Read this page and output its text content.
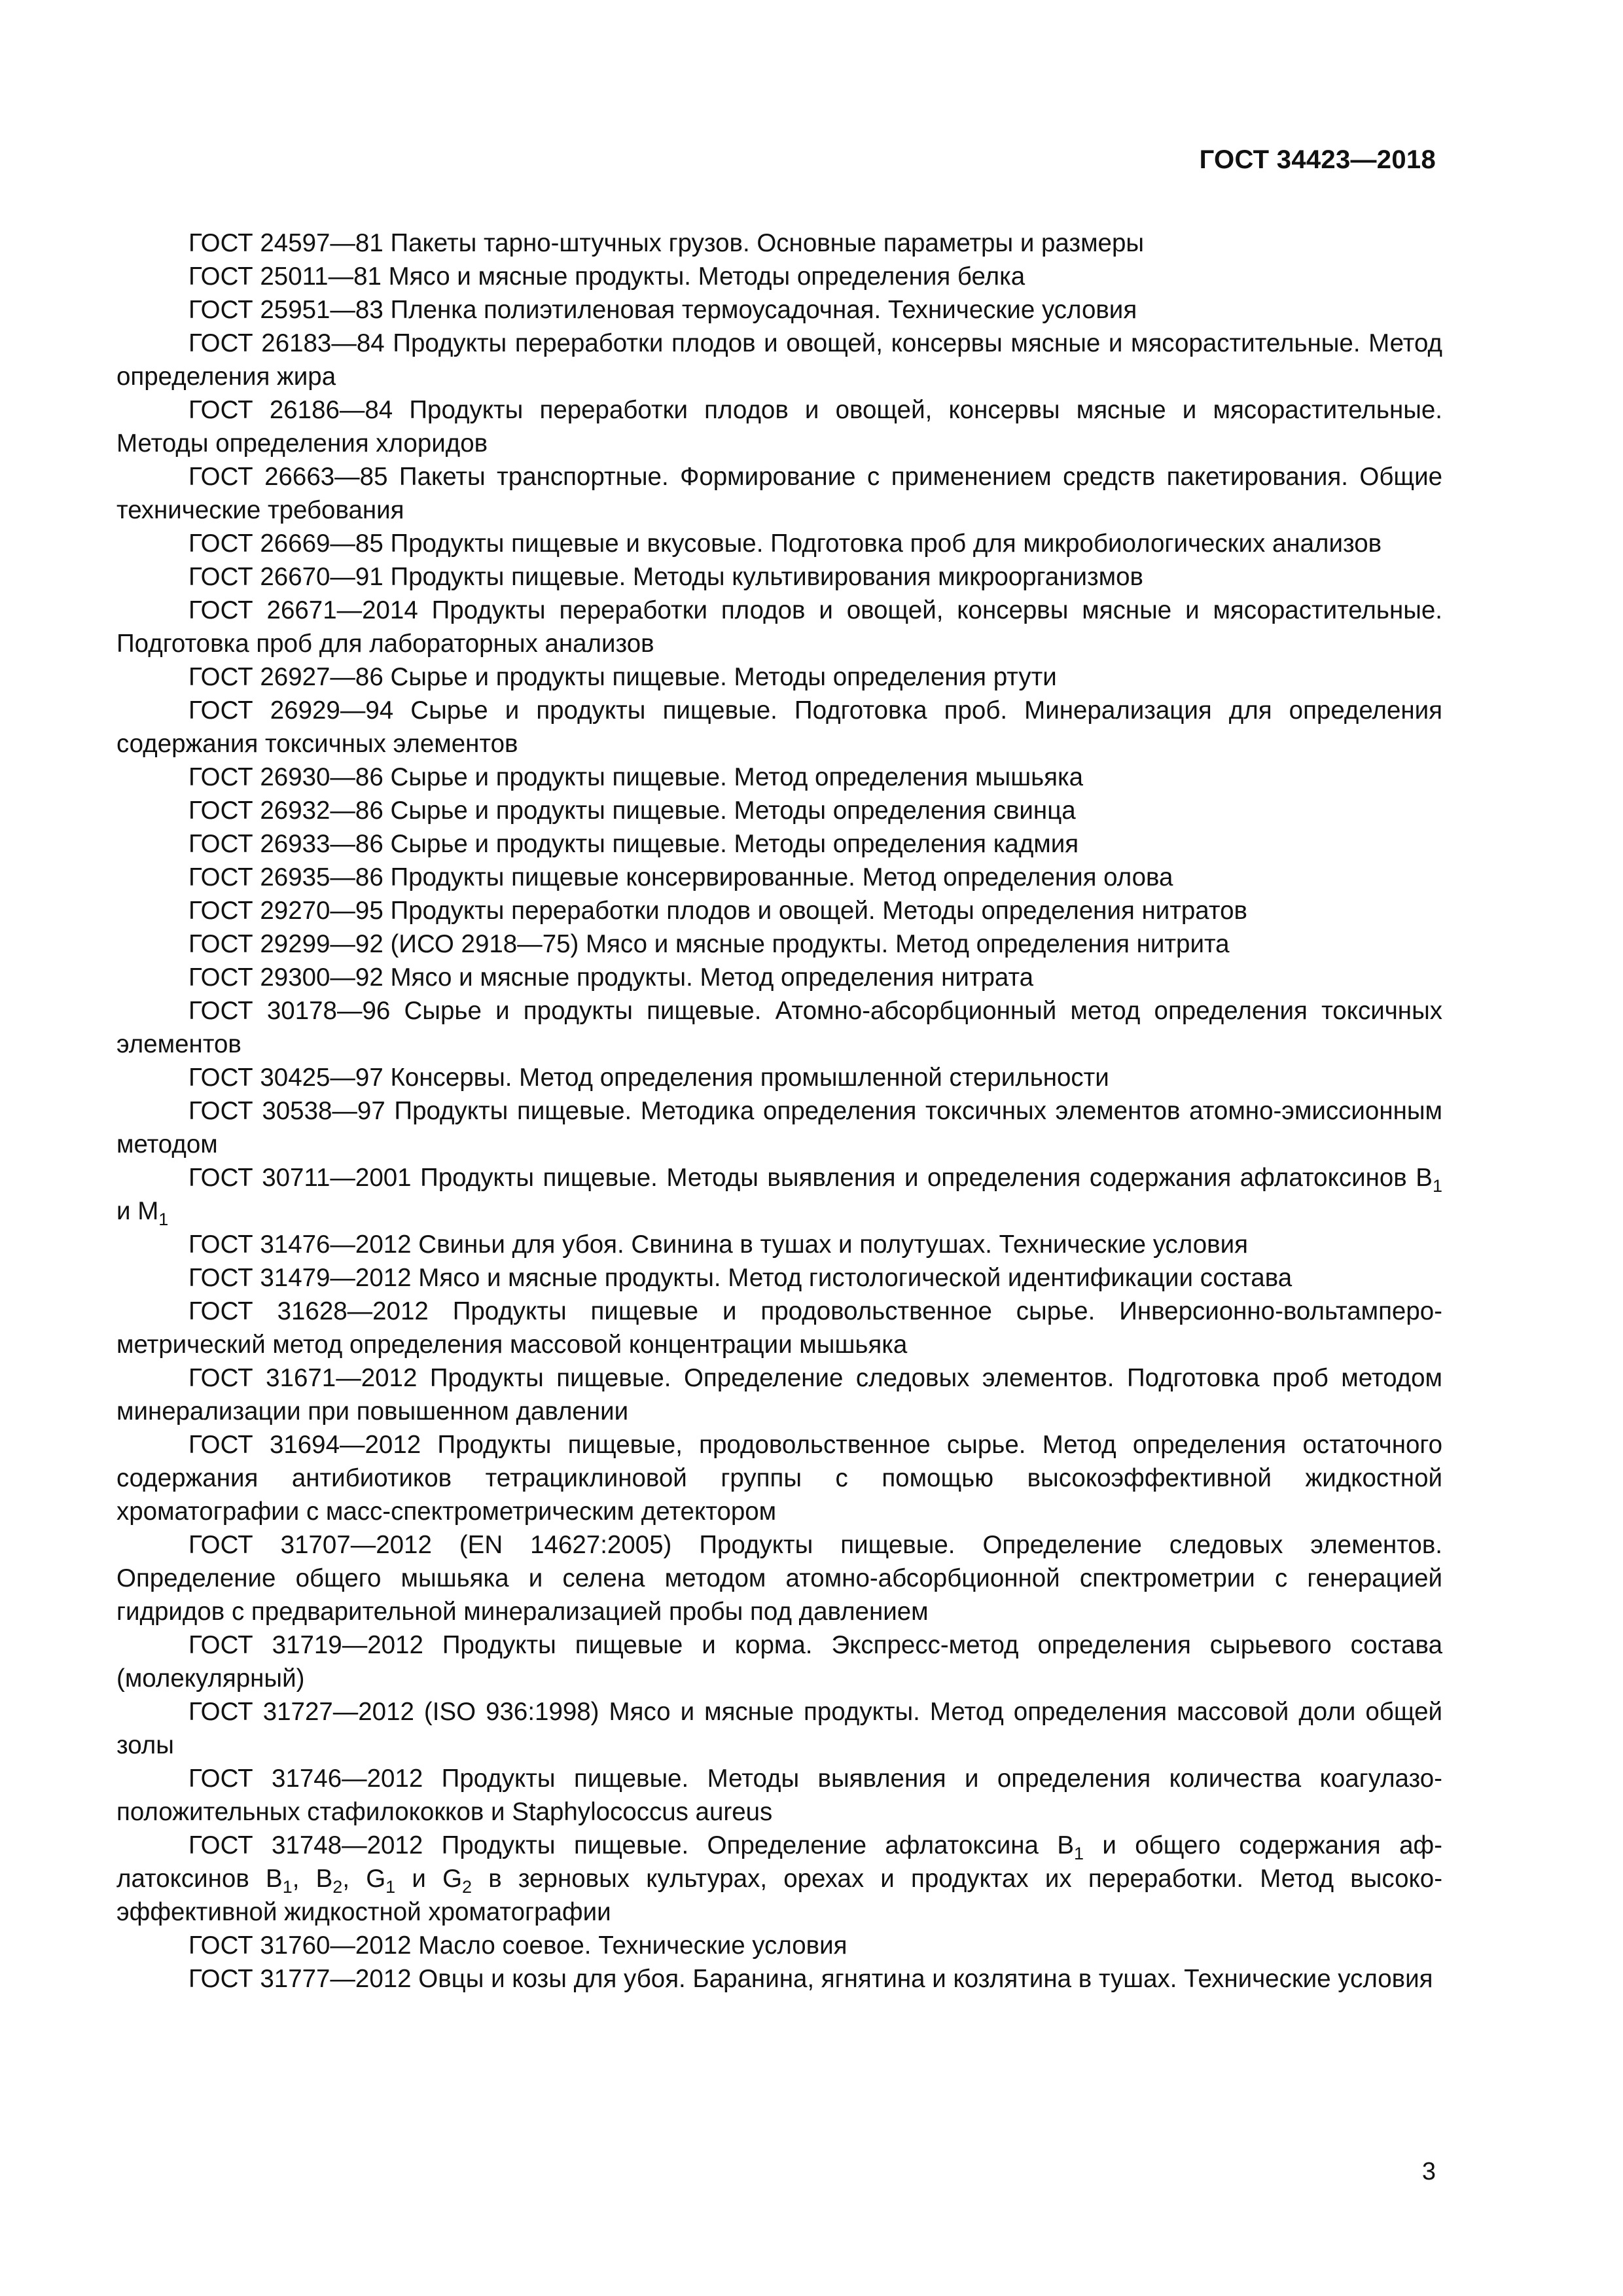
ГОСТ 34423—2018
ГОСТ 24597—81 Пакеты тарно-штучных грузов. Основные параметры и размеры
ГОСТ 25011—81 Мясо и мясные продукты. Методы определения белка
ГОСТ 25951—83 Пленка полиэтиленовая термоусадочная. Технические условия
ГОСТ 26183—84 Продукты переработки плодов и овощей, консервы мясные и мясорастительные. Метод определения жира
ГОСТ 26186—84 Продукты переработки плодов и овощей, консервы мясные и мясорастительные. Методы определения хлоридов
ГОСТ 26663—85 Пакеты транспортные. Формирование с применением средств пакетирования. Общие технические требования
ГОСТ 26669—85 Продукты пищевые и вкусовые. Подготовка проб для микробиологических анализов
ГОСТ 26670—91 Продукты пищевые. Методы культивирования микроорганизмов
ГОСТ 26671—2014 Продукты переработки плодов и овощей, консервы мясные и мясорастительные. Подготовка проб для лабораторных анализов
ГОСТ 26927—86 Сырье и продукты пищевые. Методы определения ртути
ГОСТ 26929—94 Сырье и продукты пищевые. Подготовка проб. Минерализация для определения содержания токсичных элементов
ГОСТ 26930—86 Сырье и продукты пищевые. Метод определения мышьяка
ГОСТ 26932—86 Сырье и продукты пищевые. Методы определения свинца
ГОСТ 26933—86 Сырье и продукты пищевые. Методы определения кадмия
ГОСТ 26935—86 Продукты пищевые консервированные. Метод определения олова
ГОСТ 29270—95 Продукты переработки плодов и овощей. Методы определения нитратов
ГОСТ 29299—92 (ИСО 2918—75) Мясо и мясные продукты. Метод определения нитрита
ГОСТ 29300—92 Мясо и мясные продукты. Метод определения нитрата
ГОСТ 30178—96 Сырье и продукты пищевые. Атомно-абсорбционный метод определения токсичных элементов
ГОСТ 30425—97 Консервы. Метод определения промышленной стерильности
ГОСТ 30538—97 Продукты пищевые. Методика определения токсичных элементов атомно-эмиссионным методом
ГОСТ 30711—2001 Продукты пищевые. Методы выявления и определения содержания афлатоксинов $B_1$ и $M_1$
ГОСТ 31476—2012 Свиньи для убоя. Свинина в тушах и полутушах. Технические условия
ГОСТ 31479—2012 Мясо и мясные продукты. Метод гистологической идентификации состава
ГОСТ 31628—2012 Продукты пищевые и продовольственное сырье. Инверсионно-вольтамперометрический метод определения массовой концентрации мышьяка
ГОСТ 31671—2012 Продукты пищевые. Определение следовых элементов. Подготовка проб методом минерализации при повышенном давлении
ГОСТ 31694—2012 Продукты пищевые, продовольственное сырье. Метод определения остаточного содержания антибиотиков тетрациклиновой группы с помощью высокоэффективной жидкостной хроматографии с масс-спектрометрическим детектором
ГОСТ 31707—2012 (EN 14627:2005) Продукты пищевые. Определение следовых элементов. Определение общего мышьяка и селена методом атомно-абсорбционной спектрометрии с генерацией гидридов с предварительной минерализацией пробы под давлением
ГОСТ 31719—2012 Продукты пищевые и корма. Экспресс-метод определения сырьевого состава (молекулярный)
ГОСТ 31727—2012 (ISO 936:1998) Мясо и мясные продукты. Метод определения массовой доли общей золы
ГОСТ 31746—2012 Продукты пищевые. Методы выявления и определения количества коагулазоположительных стафилококков и Staphylococcus aureus
ГОСТ 31748—2012 Продукты пищевые. Определение афлатоксина $B_1$ и общего содержания афлатоксинов $B_1$, $B_2$, $G_1$ и $G_2$ в зерновых культурах, орехах и продуктах их переработки. Метод высокоэффективной жидкостной хроматографии
ГОСТ 31760—2012 Масло соевое. Технические условия
ГОСТ 31777—2012 Овцы и козы для убоя. Баранина, ягнятина и козлятина в тушах. Технические условия
3
